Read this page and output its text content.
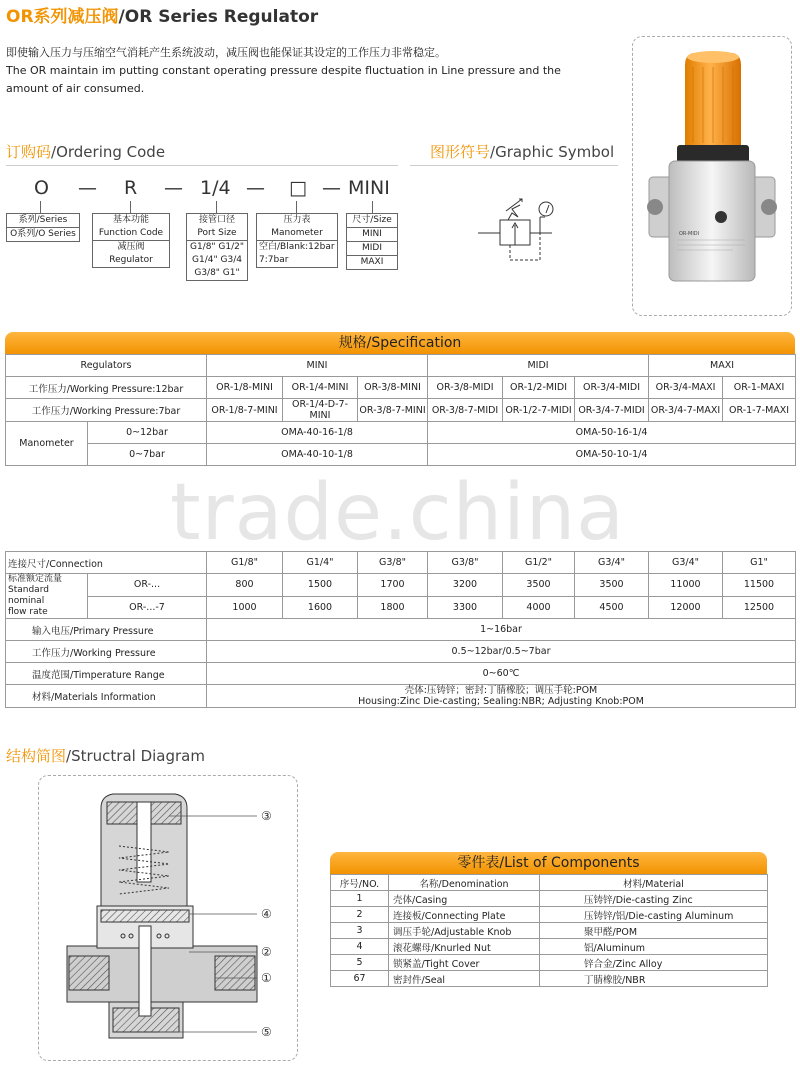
OR系列减压阀/OR Series Regulator
即使输入压力与压缩空气消耗产生系统波动，减压阀也能保证其设定的工作压力非常稳定。
The OR maintain im putting constant operating pressure despite fluctuation in Line pressure and the
amount of air consumed.
订购码/Ordering Code
O — R — 1/4 — □ — MINI
系列/Series
O系列/O Series
基本功能
Function Code
减压阀
Regulator
接管口径
Port Size
G1/8" G1/2"
G1/4" G3/4
G3/8" G1"
压力表
Manometer
空白/Blank:12bar
7:7bar
尺寸/Size
MINI
MIDI
MAXI
图形符号/Graphic Symbol
OR-MIDI
规格/Specification
Regulators		MINI			MIDI			MAXI	
工作压力/Working Pressure:12bar		OR-1/8-MINI	OR-1/4-MINI	OR-3/8-MINI	OR-3/8-MIDI	OR-1/2-MIDI	OR-3/4-MIDI	OR-3/4-MAXI	OR-1-MAXI
工作压力/Working Pressure:7bar		OR-1/8-7-MINI	OR-1/4-D-7-MINI	OR-3/8-7-MINI	OR-3/8-7-MIDI	OR-1/2-7-MIDI	OR-3/4-7-MIDI	OR-3/4-7-MAXI	OR-1-7-MAXI
Manometer	0~12bar	OMA-40-16-1/8			OMA-50-16-1/4				
	0~7bar	OMA-40-10-1/8			OMA-50-10-1/4				
trade.china
连接尺寸/Connection		G1/8"	G1/4"	G3/8"	G3/8"	G1/2"	G3/4"	G3/4"	G1"

标准额定流量
Standard nominal
flow rate	OR-...	800	1500	1700	3200	3500	3500	11000	11500
	OR-...-7	1000	1600	1800	3300	4000	4500	12000	12500
输入电压/Primary Pressure		1~16bar							
工作压力/Working Pressure		0.5~12bar/0.5~7bar							
温度范围/Timperature Range		0~60℃							
材料/Materials Information		壳体:压铸锌；密封:丁腈橡胶；调压手轮:POM
Housing:Zinc Die-casting; Sealing:NBR; Adjusting Knob:POM							
结构简图/Structral Diagram
③
④
②
①
⑤
零件表/List of Components
序号/NO.	名称/Denomination	材料/Material
1	壳体/Casing	压铸锌/Die-casting Zinc
2	连接板/Connecting Plate	压铸锌/铝/Die-casting Aluminum
3	调压手轮/Adjustable Knob	聚甲醛/POM
4	滚花螺母/Knurled Nut	铝/Aluminum
5	锁紧盖/Tight Cover	锌合金/Zinc Alloy
67	密封件/Seal	丁腈橡胶/NBR
